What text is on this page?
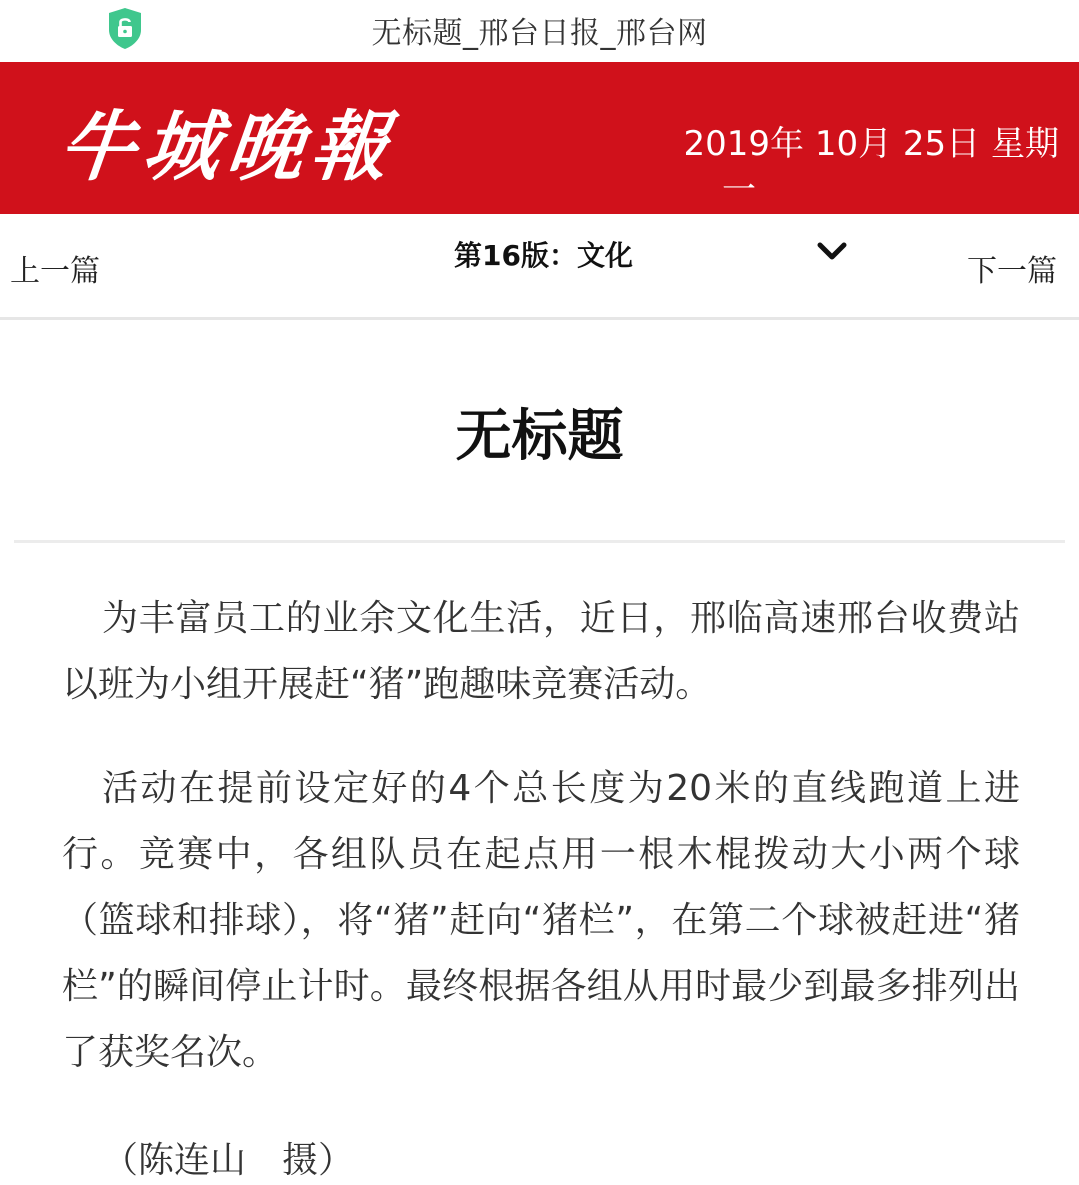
无标题_邢台日报_邢台网
牛城晚報	2019年 10月 25日 星期
一
上一篇	第16版：文化	下一篇
无标题
为丰富员工的业余文化生活，近日，邢临高速邢台收费站以班为小组开展赶“猪”跑趣味竞赛活动。
活动在提前设定好的4个总长度为20米的直线跑道上进行。竞赛中，各组队员在起点用一根木棍拨动大小两个球（篮球和排球），将“猪”赶向“猪栏”，在第二个球被赶进“猪栏”的瞬间停止计时。最终根据各组从用时最少到最多排列出了获奖名次。
（陈连山　摄）
